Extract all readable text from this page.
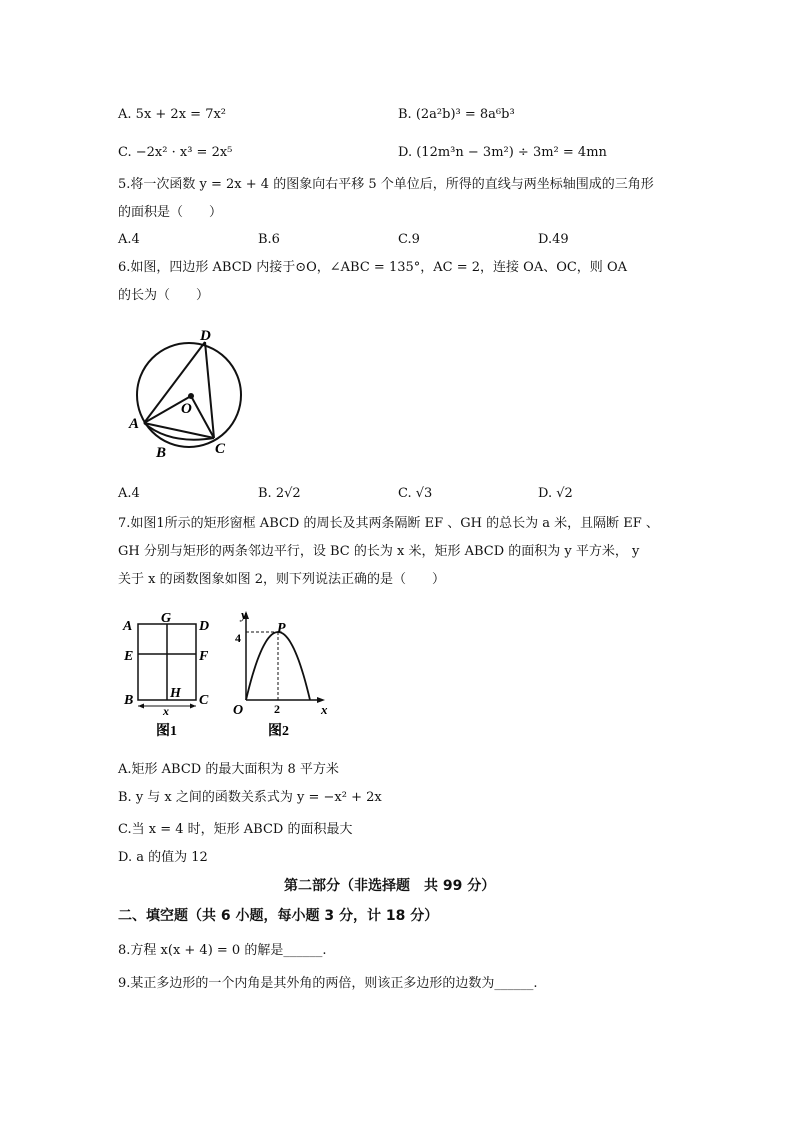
A. 5x + 2x = 7x²	B. (2a²b)³ = 8a⁶b³
C. −2x² · x³ = 2x⁵	D. (12m³n − 3m²) ÷ 3m² = 4mn
5.将一次函数 y = 2x + 4 的图象向右平移 5 个单位后，所得的直线与两坐标轴围成的三角形
的面积是（　　）
A.4	B.6	C.9	D.49
6.如图，四边形 ABCD 内接于⊙O，∠ABC = 135°，AC = 2，连接 OA、OC，则 OA
的长为（　　）
D
O
A
B	C
A.4	B. 2√2	C. √3	D. √2
7.如图1所示的矩形窗框 ABCD 的周长及其两条隔断 EF 、GH 的总长为 a 米，且隔断 EF 、
GH 分别与矩形的两条邻边平行，设 BC 的长为 x 米，矩形 ABCD 的面积为 y 平方米， y
关于 x 的函数图象如图 2，则下列说法正确的是（　　）
A
G
D
E	F
B	H C
x
图1
y
P
4
O	2	x
图2
A.矩形 ABCD 的最大面积为 8 平方米
B. y 与 x 之间的函数关系式为 y = −x² + 2x
C.当 x = 4 时，矩形 ABCD 的面积最大
D. a 的值为 12
第二部分（非选择题　共 99 分）
二、填空题（共 6 小题，每小题 3 分，计 18 分）
8.方程 x(x + 4) = 0 的解是______.
9.某正多边形的一个内角是其外角的两倍，则该正多边形的边数为______.
